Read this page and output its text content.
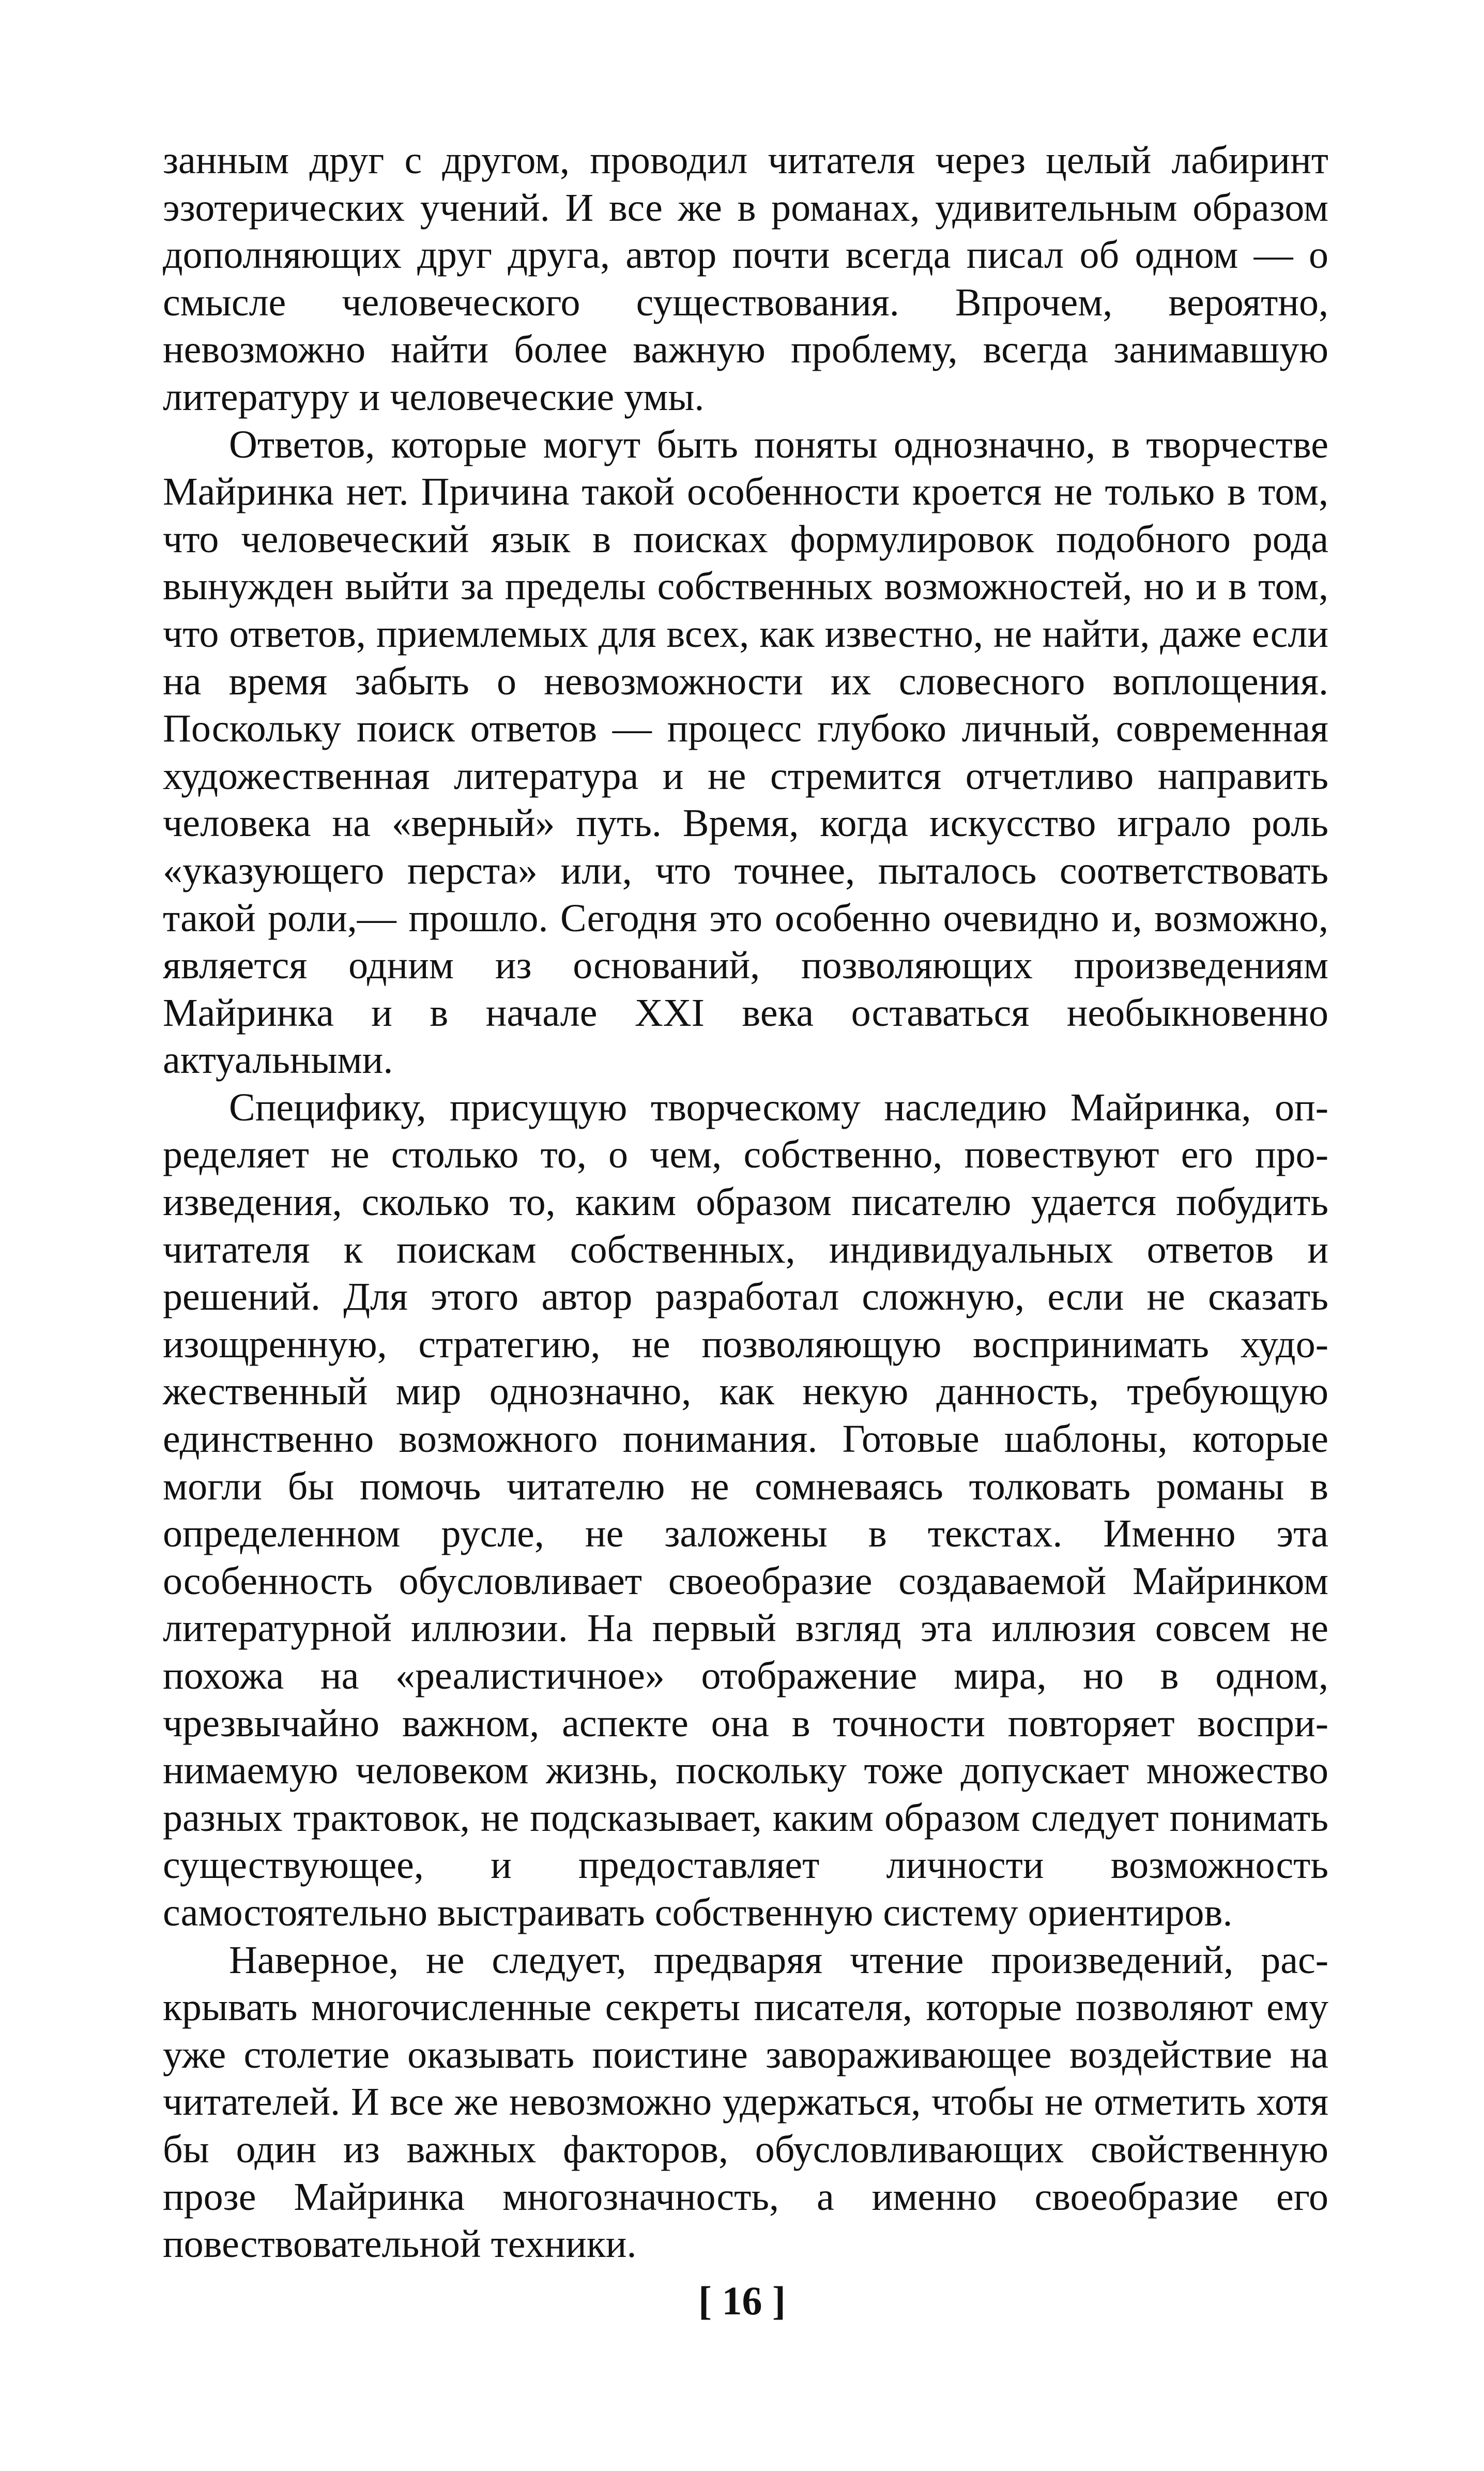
занным друг с другом, проводил читателя через целый лабиринт эзотерических учений. И все же в романах, удивительным образом дополняющих друг друга, автор почти всегда писал об одном — о смысле человеческого существования. Впрочем, вероятно, невозможно найти более важную проблему, всегда занимавшую литературу и человеческие умы.

Ответов, которые могут быть поняты однозначно, в творчестве Майринка нет. Причина такой особенности кроется не только в том, что человеческий язык в поисках формулировок подобного рода вынужден выйти за пределы собственных возможностей, но и в том, что ответов, приемлемых для всех, как известно, не найти, даже если на время забыть о невозможности их словесного воплощения. Поскольку поиск ответов — процесс глубоко личный, современная художественная литература и не стремится отчетливо направить человека на «верный» путь. Время, когда искусство играло роль «указующего перста» или, что точнее, пыталось соответствовать такой роли,— прошло. Сегодня это особенно очевидно и, возможно, является одним из оснований, позволяющих произведениям Майринка и в начале XXI века оставаться необыкновенно актуальными.

Специфику, присущую творческому наследию Майринка, определяет не столько то, о чем, собственно, повествуют его произведения, сколько то, каким образом писателю удается побудить читателя к поискам собственных, индивидуальных ответов и решений. Для этого автор разработал сложную, если не сказать изощренную, стратегию, не позволяющую воспринимать художественный мир однозначно, как некую данность, требующую единственно возможного понимания. Готовые шаблоны, которые могли бы помочь читателю не сомневаясь толковать романы в определенном русле, не заложены в текстах. Именно эта особенность обусловливает своеобразие создаваемой Майринком литературной иллюзии. На первый взгляд эта иллюзия совсем не похожа на «реалистичное» отображение мира, но в одном, чрезвычайно важном, аспекте она в точности повторяет воспринимаемую человеком жизнь, поскольку тоже допускает множество разных трактовок, не подсказывает, каким образом следует понимать существующее, и предоставляет личности возможность самостоятельно выстраивать собственную систему ориентиров.

Наверное, не следует, предваряя чтение произведений, раскрывать многочисленные секреты писателя, которые позволяют ему уже столетие оказывать поистине завораживающее воздействие на читателей. И все же невозможно удержаться, чтобы не отметить хотя бы один из важных факторов, обусловливающих свойственную прозе Майринка многозначность, а именно своеобразие его повествовательной техники.

[ 16 ]
